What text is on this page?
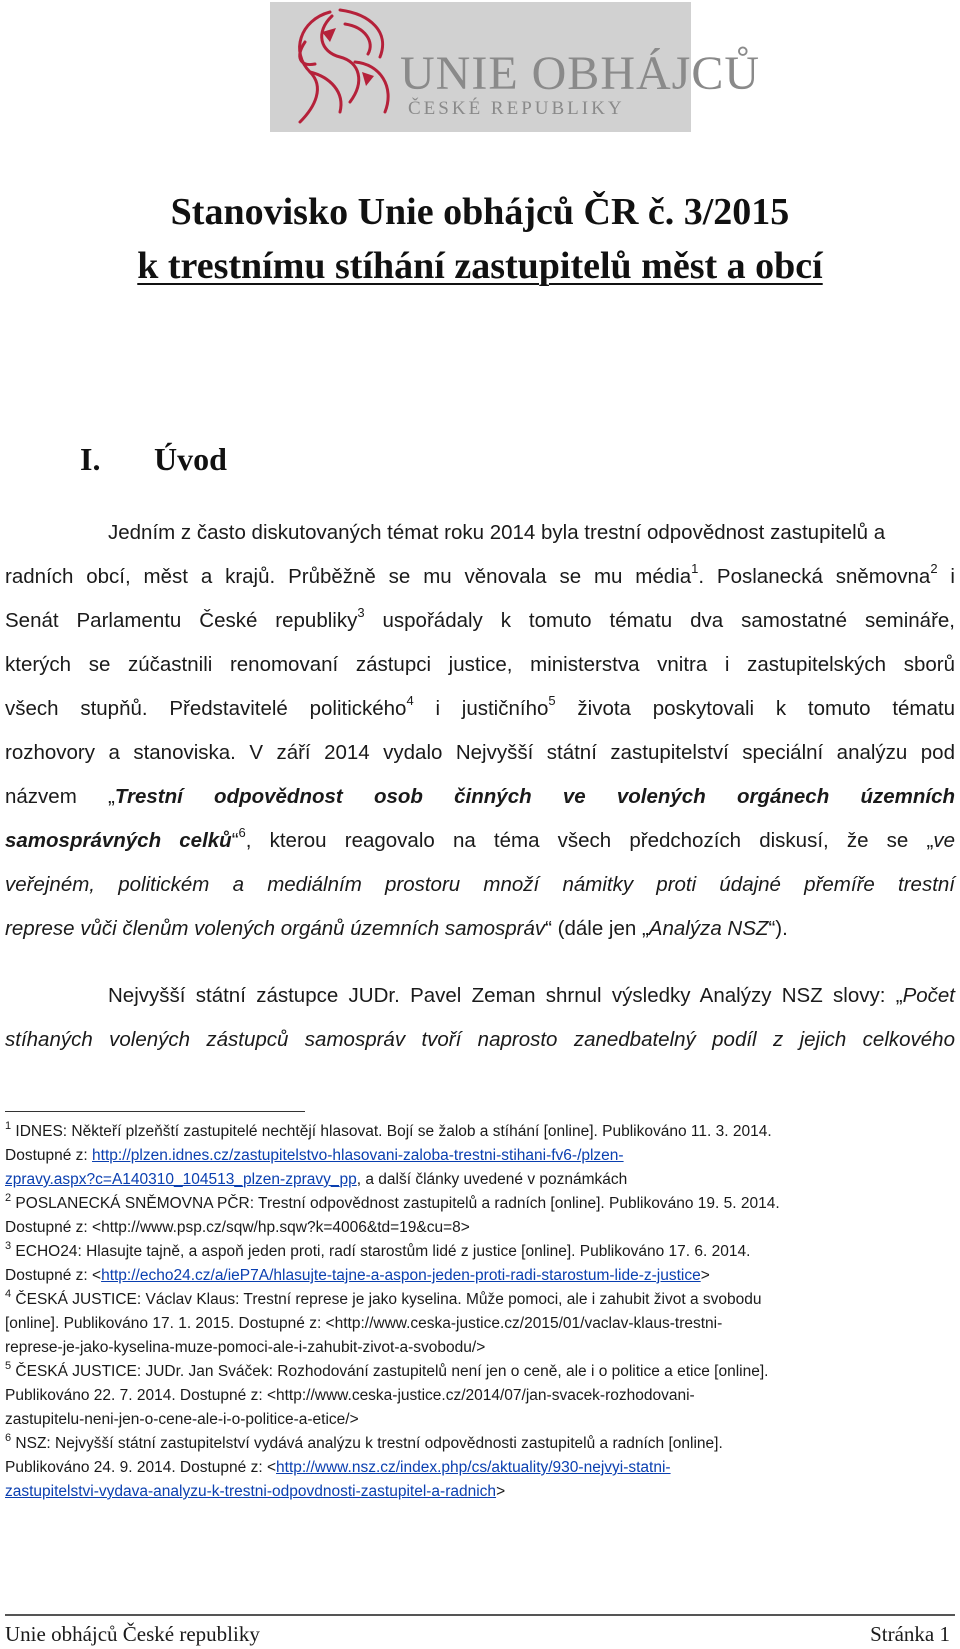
UNIE OBHÁJCŮ
ČESKÉ REPUBLIKY
Stanovisko Unie obhájců ČR č. 3/2015
k trestnímu stíhání zastupitelů měst a obcí
I. Úvod
Jedním z často diskutovaných témat roku 2014 byla trestní odpovědnost zastupitelů a
radních obcí, měst a krajů. Průběžně se mu věnovala se mu média$^1$. Poslanecká sněmovna$^2$ i
Senát Parlamentu České republiky$^3$ uspořádaly k tomuto tématu dva samostatné semináře,
kterých se zúčastnili renomovaní zástupci justice, ministerstva vnitra i zastupitelských sborů
všech stupňů. Představitelé politického$^4$ i justičního$^5$ života poskytovali k tomuto tématu
rozhovory a stanoviska. V září 2014 vydalo Nejvyšší státní zastupitelství speciální analýzu pod
názvem „Trestní odpovědnost osob činných ve volených orgánech územních
samosprávných celků“$^6$, kterou reagovalo na téma všech předchozích diskusí, že se „ve
veřejném, politickém a mediálním prostoru množí námitky proti údajné přemíře trestní
represe vůči členům volených orgánů územních samospráv“ (dále jen „Analýza NSZ“).
Nejvyšší státní zástupce JUDr. Pavel Zeman shrnul výsledky Analýzy NSZ slovy: „Počet
stíhaných volených zástupců samospráv tvoří naprosto zanedbatelný podíl z jejich celkového
$^1$ IDNES: Někteří plzeňští zastupitelé nechtějí hlasovat. Bojí se žalob a stíhání [online]. Publikováno 11. 3. 2014.
Dostupné z: http://plzen.idnes.cz/zastupitelstvo-hlasovani-zaloba-trestni-stihani-fv6-/plzen-
zpravy.aspx?c=A140310_104513_plzen-zpravy_pp, a další články uvedené v poznámkách
$^2$ POSLANECKÁ SNĚMOVNA PČR: Trestní odpovědnost zastupitelů a radních [online]. Publikováno 19. 5. 2014.
Dostupné z: <http://www.psp.cz/sqw/hp.sqw?k=4006&td=19&cu=8>
$^3$ ECHO24: Hlasujte tajně, a aspoň jeden proti, radí starostům lidé z justice [online]. Publikováno 17. 6. 2014.
Dostupné z: <http://echo24.cz/a/ieP7A/hlasujte-tajne-a-aspon-jeden-proti-radi-starostum-lide-z-justice>
$^4$ ČESKÁ JUSTICE: Václav Klaus: Trestní represe je jako kyselina. Může pomoci, ale i zahubit život a svobodu
[online]. Publikováno 17. 1. 2015. Dostupné z: <http://www.ceska-justice.cz/2015/01/vaclav-klaus-trestni-
represe-je-jako-kyselina-muze-pomoci-ale-i-zahubit-zivot-a-svobodu/>
$^5$ ČESKÁ JUSTICE: JUDr. Jan Sváček: Rozhodování zastupitelů není jen o ceně, ale i o politice a etice [online].
Publikováno 22. 7. 2014. Dostupné z: <http://www.ceska-justice.cz/2014/07/jan-svacek-rozhodovani-
zastupitelu-neni-jen-o-cene-ale-i-o-politice-a-etice/>
$^6$ NSZ: Nejvyšší státní zastupitelství vydává analýzu k trestní odpovědnosti zastupitelů a radních [online].
Publikováno 24. 9. 2014. Dostupné z: <http://www.nsz.cz/index.php/cs/aktuality/930-nejvyi-statni-
zastupitelstvi-vydava-analyzu-k-trestni-odpovdnosti-zastupitel-a-radnich>
Unie obhájců České republiky	Stránka 1
